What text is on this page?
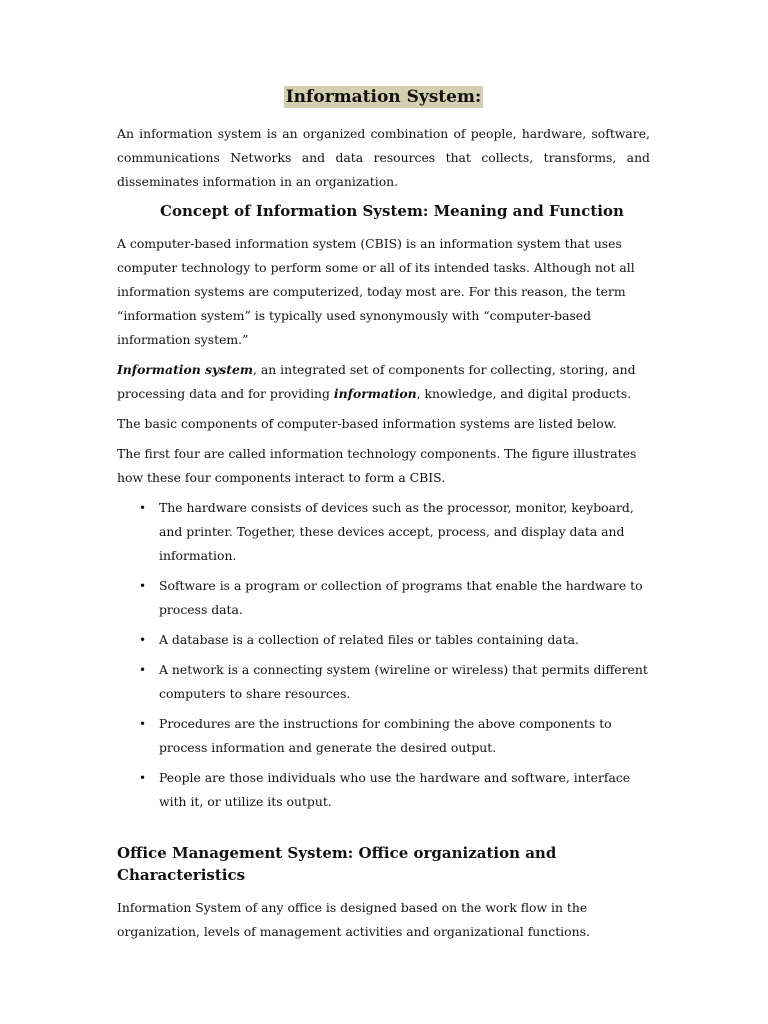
Information System:

An information system is an organized combination of people, hardware, software, communications Networks and data resources that collects, transforms, and disseminates information in an organization.

Concept of Information System: Meaning and Function

A computer-based information system (CBIS) is an information system that uses computer technology to perform some or all of its intended tasks. Although not all information systems are computerized, today most are. For this reason, the term “information system” is typically used synonymously with “computer-based information system.”

Information system, an integrated set of components for collecting, storing, and processing data and for providing information, knowledge, and digital products.

The basic components of computer-based information systems are listed below.

The first four are called information technology components. The figure illustrates how these four components interact to form a CBIS.

• The hardware consists of devices such as the processor, monitor, keyboard, and printer. Together, these devices accept, process, and display data and information.
• Software is a program or collection of programs that enable the hardware to process data.
• A database is a collection of related files or tables containing data.
• A network is a connecting system (wireline or wireless) that permits different computers to share resources.
• Procedures are the instructions for combining the above components to process information and generate the desired output.
• People are those individuals who use the hardware and software, interface with it, or utilize its output.
Office Management System: Office organization and Characteristics

Information System of any office is designed based on the work flow in the organization, levels of management activities and organizational functions.
